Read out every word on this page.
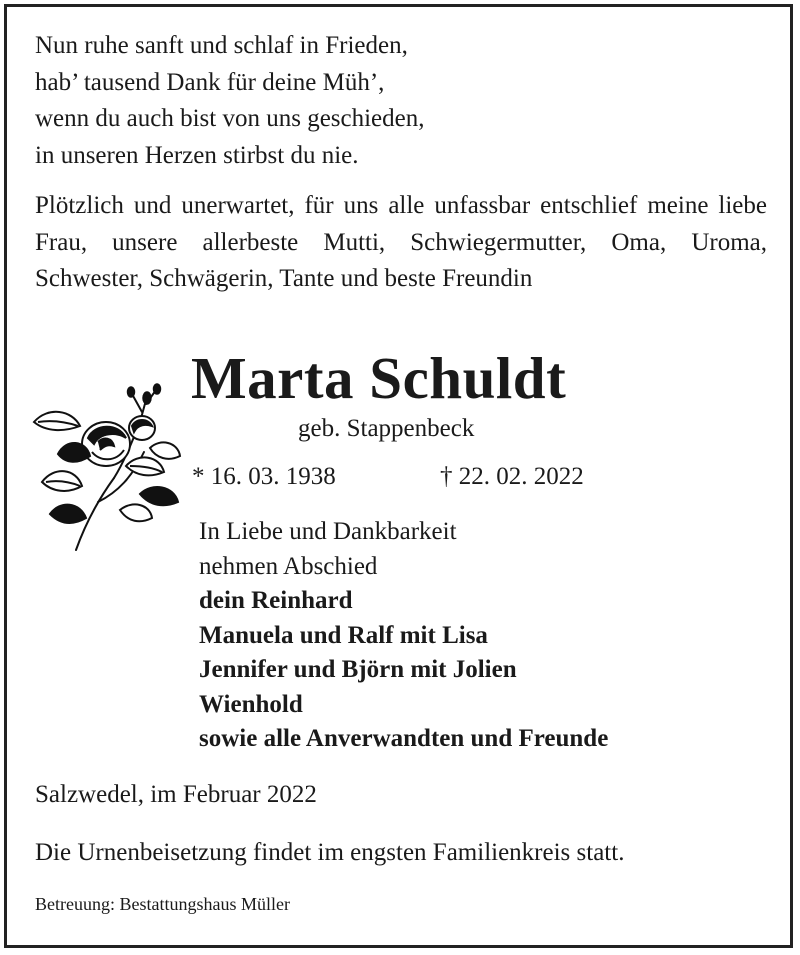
Nun ruhe sanft und schlaf in Frieden,
hab’ tausend Dank für deine Müh’,
wenn du auch bist von uns geschieden,
in unseren Herzen stirbst du nie.
Plötzlich und unerwartet, für uns alle unfassbar entschlief meine liebe Frau, unsere allerbeste Mutti, Schwiegermutter, Oma, Uroma, Schwester, Schwägerin, Tante und beste Freundin
Marta Schuldt
geb. Stappenbeck
* 16. 03. 1938	† 22. 02. 2022
In Liebe und Dankbarkeit
nehmen Abschied
dein Reinhard
Manuela und Ralf mit Lisa
Jennifer und Björn mit Jolien
Wienhold
sowie alle Anverwandten und Freunde
Salzwedel, im Februar 2022
Die Urnenbeisetzung findet im engsten Familienkreis statt.
Betreuung: Bestattungshaus Müller
